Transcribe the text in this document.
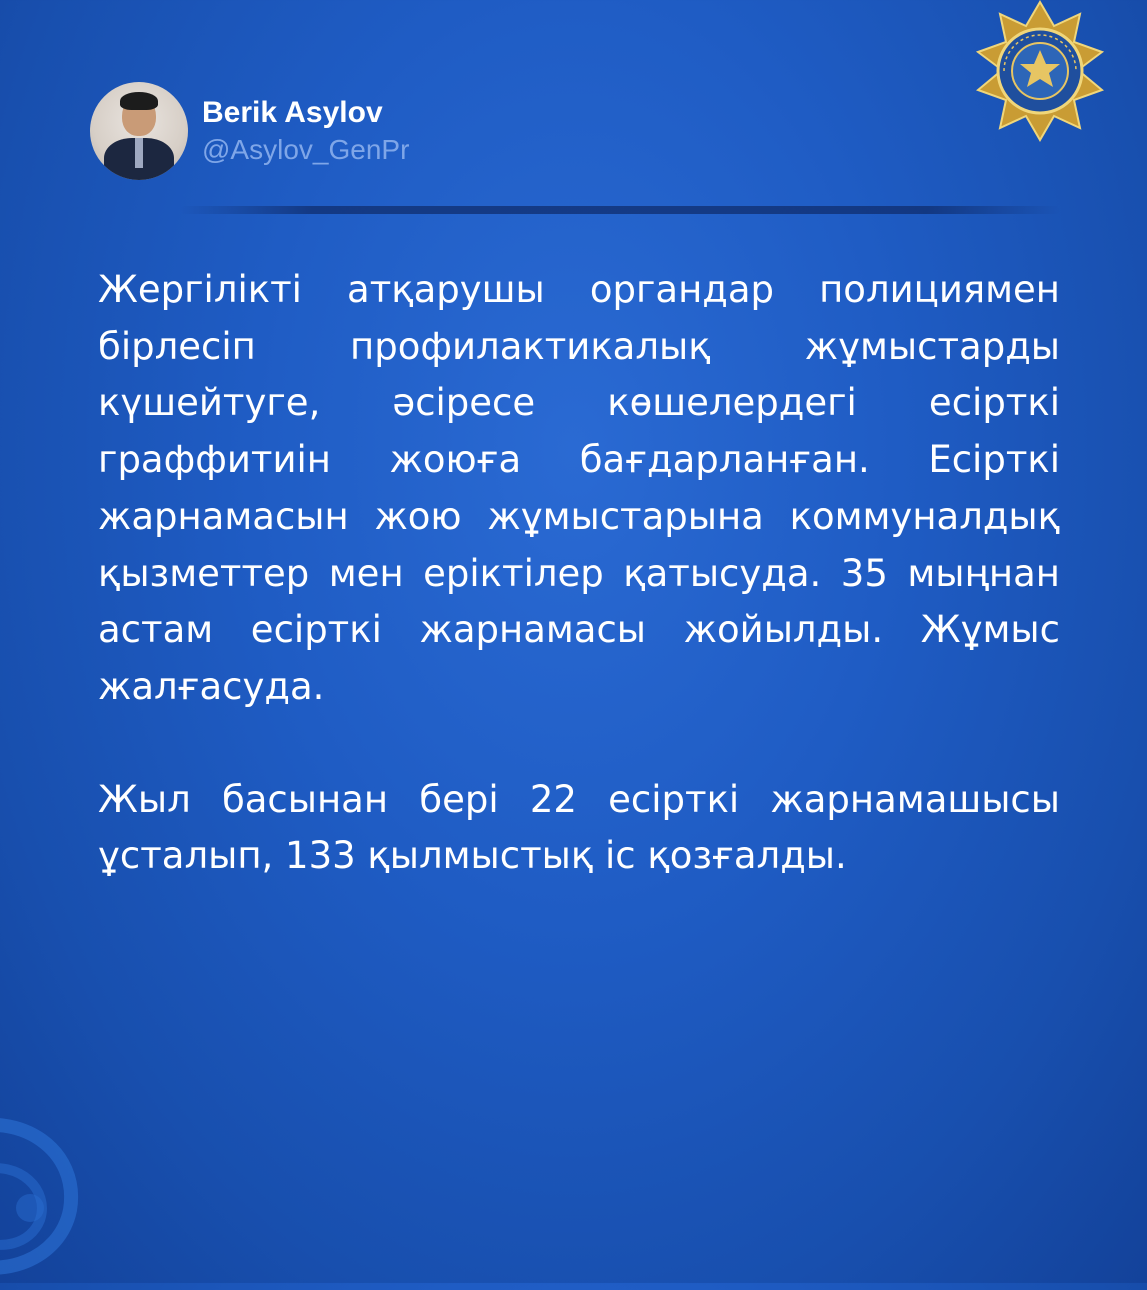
Berik Asylov
@Asylov_GenPr

Жергілікті атқарушы органдар полициямен бірлесіп профилактикалық жұмыстарды күшейтуге, әсіресе көшелердегі есірткі граффитиін жоюға бағдарланған. Есірткі жарнамасын жою жұмыстарына коммуналдық қызметтер мен еріктілер қатысуда. 35 мыңнан астам есірткі жарнамасы жойылды. Жұмыс жалғасуда.

Жыл басынан бері 22 есірткі жарнамашысы ұсталып, 133 қылмыстық іс қозғалды.
